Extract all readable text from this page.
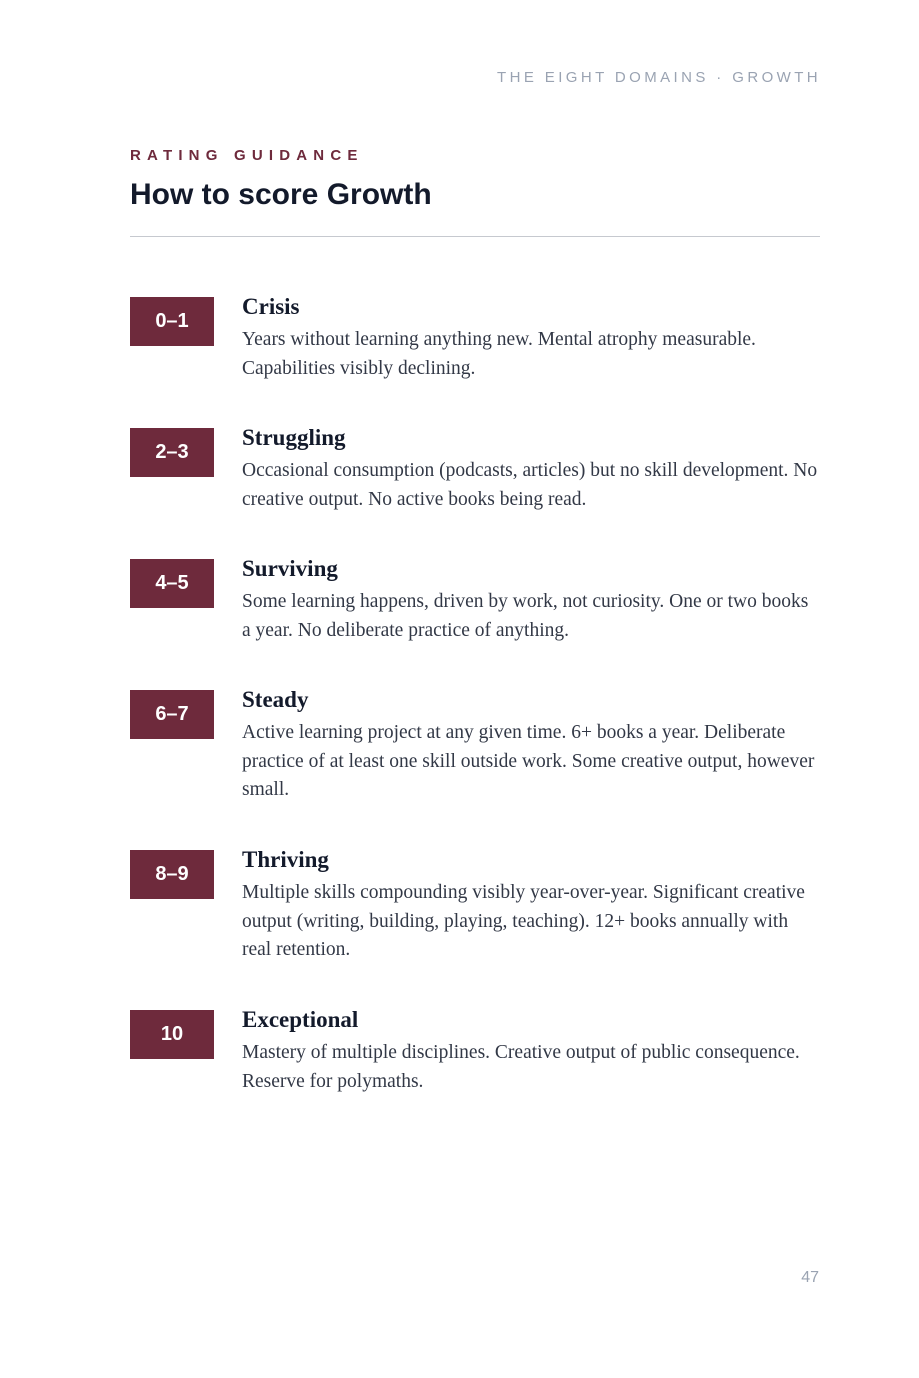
THE EIGHT DOMAINS · GROWTH
RATING GUIDANCE
How to score Growth
0–1
Crisis
Years without learning anything new. Mental atrophy measurable. Capabilities visibly declining.
2–3
Struggling
Occasional consumption (podcasts, articles) but no skill development. No creative output. No active books being read.
4–5
Surviving
Some learning happens, driven by work, not curiosity. One or two books a year. No deliberate practice of anything.
6–7
Steady
Active learning project at any given time. 6+ books a year. Deliberate practice of at least one skill outside work. Some creative output, however small.
8–9
Thriving
Multiple skills compounding visibly year-over-year. Significant creative output (writing, building, playing, teaching). 12+ books annually with real retention.
10
Exceptional
Mastery of multiple disciplines. Creative output of public consequence. Reserve for polymaths.
47
